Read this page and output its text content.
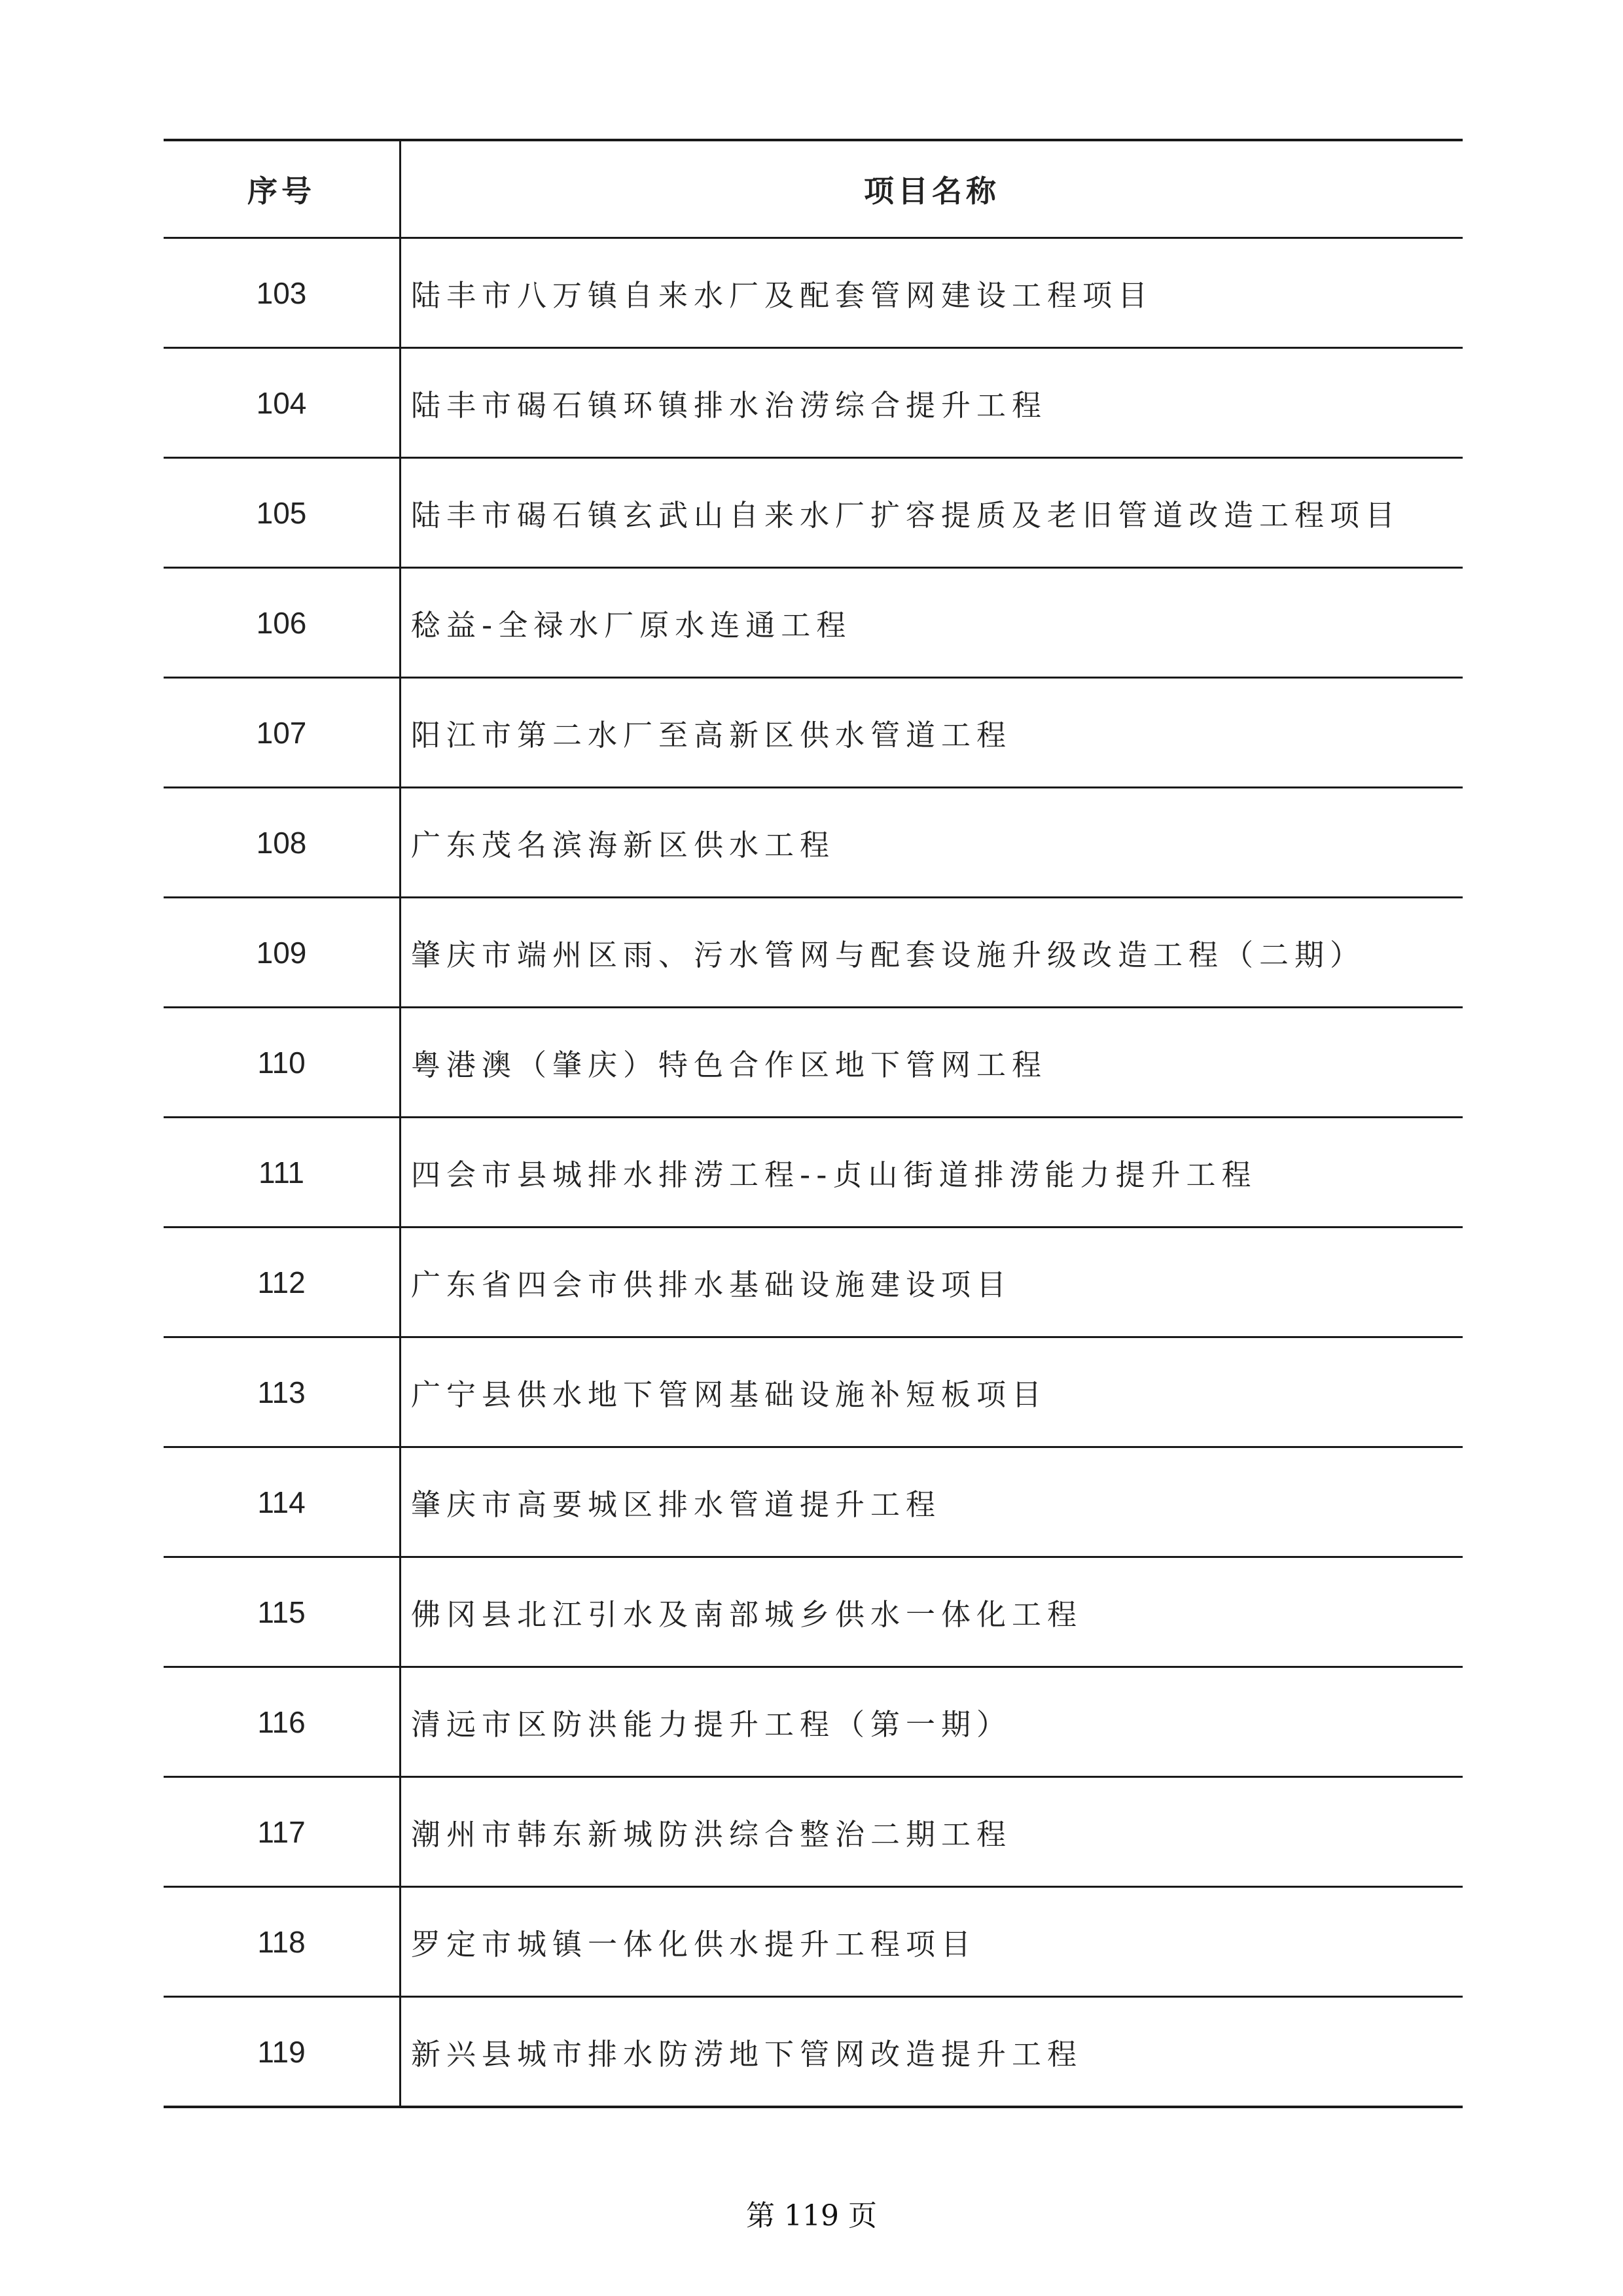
序号	项目名称
103	陆丰市八万镇自来水厂及配套管网建设工程项目
104	陆丰市碣石镇环镇排水治涝综合提升工程
105	陆丰市碣石镇玄武山自来水厂扩容提质及老旧管道改造工程项目
106	稔益-全禄水厂原水连通工程
107	阳江市第二水厂至高新区供水管道工程
108	广东茂名滨海新区供水工程
109	肇庆市端州区雨、污水管网与配套设施升级改造工程（二期）
110	粤港澳（肇庆）特色合作区地下管网工程
111	四会市县城排水排涝工程--贞山街道排涝能力提升工程
112	广东省四会市供排水基础设施建设项目
113	广宁县供水地下管网基础设施补短板项目
114	肇庆市高要城区排水管道提升工程
115	佛冈县北江引水及南部城乡供水一体化工程
116	清远市区防洪能力提升工程（第一期）
117	潮州市韩东新城防洪综合整治二期工程
118	罗定市城镇一体化供水提升工程项目
119	新兴县城市排水防涝地下管网改造提升工程
第 119 页
